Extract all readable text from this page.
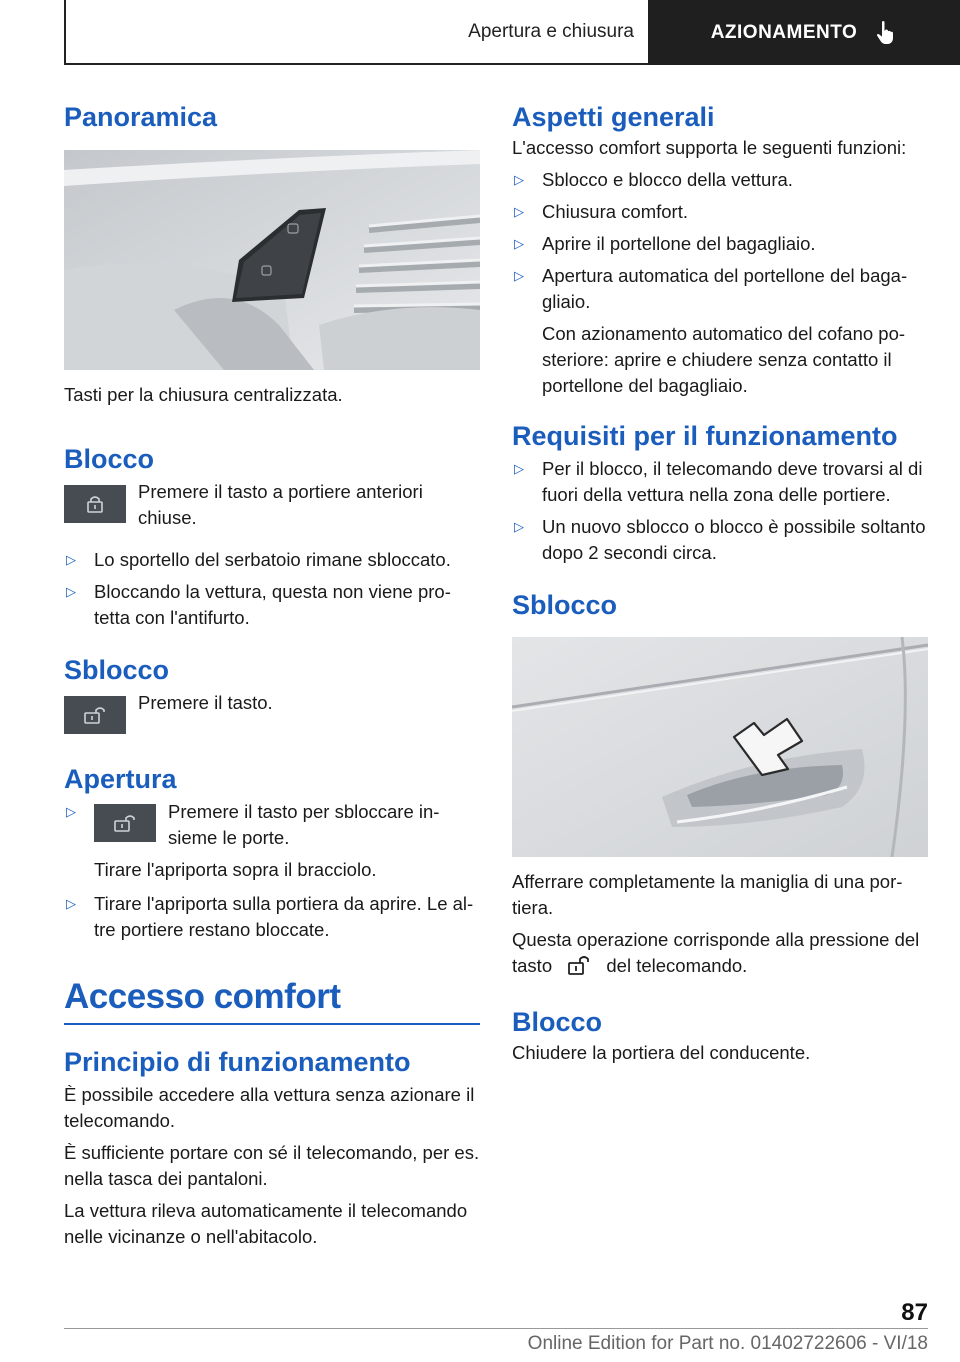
Apertura e chiusura	AZIONAMENTO
Panoramica

Tasti per la chiusura centralizzata.

Blocco

Premere il tasto a portiere anteriori chiuse.

▷ Lo sportello del serbatoio rimane sbloccato.
▷ Bloccando la vettura, questa non viene protetta con l'antifurto.
Sblocco

Premere il tasto.

Apertura
▷	Premere il tasto per sbloccare insieme le porte.
Tirare l'apriporta sopra il bracciolo.
▷ Tirare l'apriporta sulla portiera da aprire. Le altre portiere restano bloccate.
Accesso comfort
Principio di funzionamento

È possibile accedere alla vettura senza azionare il telecomando.

È sufficiente portare con sé il telecomando, per es. nella tasca dei pantaloni.

La vettura rileva automaticamente il telecomando nelle vicinanze o nell'abitacolo.

Aspetti generali

L'accesso comfort supporta le seguenti funzioni:

▷ Sblocco e blocco della vettura.
▷ Chiusura comfort.
▷ Aprire il portellone del bagagliaio.
▷ Apertura automatica del portellone del bagagliaio.
Con azionamento automatico del cofano posteriore: aprire e chiudere senza contatto il portellone del bagagliaio.
Requisiti per il funzionamento
▷ Per il blocco, il telecomando deve trovarsi al di fuori della vettura nella zona delle portiere.
▷ Un nuovo sblocco o blocco è possibile soltanto dopo 2 secondi circa.
Sblocco

Afferrare completamente la maniglia di una portiera.

Questa operazione corrisponde alla pressione del tasto	del telecomando.

Blocco

Chiudere la portiera del conducente.

87
Online Edition for Part no. 01402722606 - VI/18
